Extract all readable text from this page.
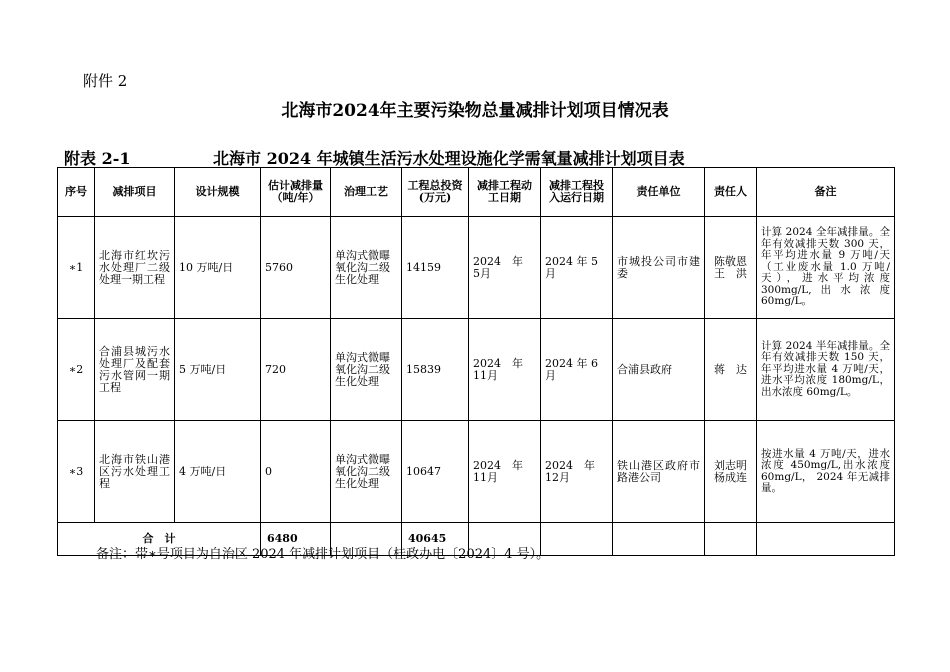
附件 2
北海市2024年主要污染物总量减排计划项目情况表
附表 2-1	北海市 2024 年城镇生活污水处理设施化学需氧量减排计划项目表
序号	减排项目	设计规模	估计减排量（吨/年）	治理工艺	工程总投资(万元)	减排工程动工日期	减排工程投入运行日期	责任单位	责任人	备注
∗1	北海市红坎污水处理厂二级处理一期工程	10 万吨/日	5760	单沟式微曝氧化沟二级生化处理	14159	2024　年　5月	2024 年 5 月	市城投公司市建委	陈敬恩 王　洪	计算 2024 全年减排量。全年有效减排天数 300 天，年平均进水量 9 万吨/天（工业废水量 1.0 万吨/天），进水平均浓度 300mg/L,出水浓度 60mg/L。
∗2	合浦县城污水处理厂及配套污水管网一期工程	5 万吨/日	720	单沟式微曝氧化沟二级生化处理	15839	2024　年　11月	2024 年 6 月	合浦县政府	蒋　达	计算 2024 半年减排量。全年有效减排天数 150 天，年平均进水量 4 万吨/天，进水平均浓度 180mg/L，出水浓度 60mg/L。
∗3	北海市铁山港区污水处理工程	4 万吨/日	0	单沟式微曝氧化沟二级生化处理	10647	2024　年　11月	2024　年　12月	铁山港区政府市路港公司	刘志明 杨成连	按进水量 4 万吨/天，进水浓度 450mg/L,出水浓度 60mg/L， 2024 年无减排量。
合　计			6480		40645					
备注：带∗号项目为自治区 2024 年减排计划项目（桂政办电〔2024〕4 号）。
